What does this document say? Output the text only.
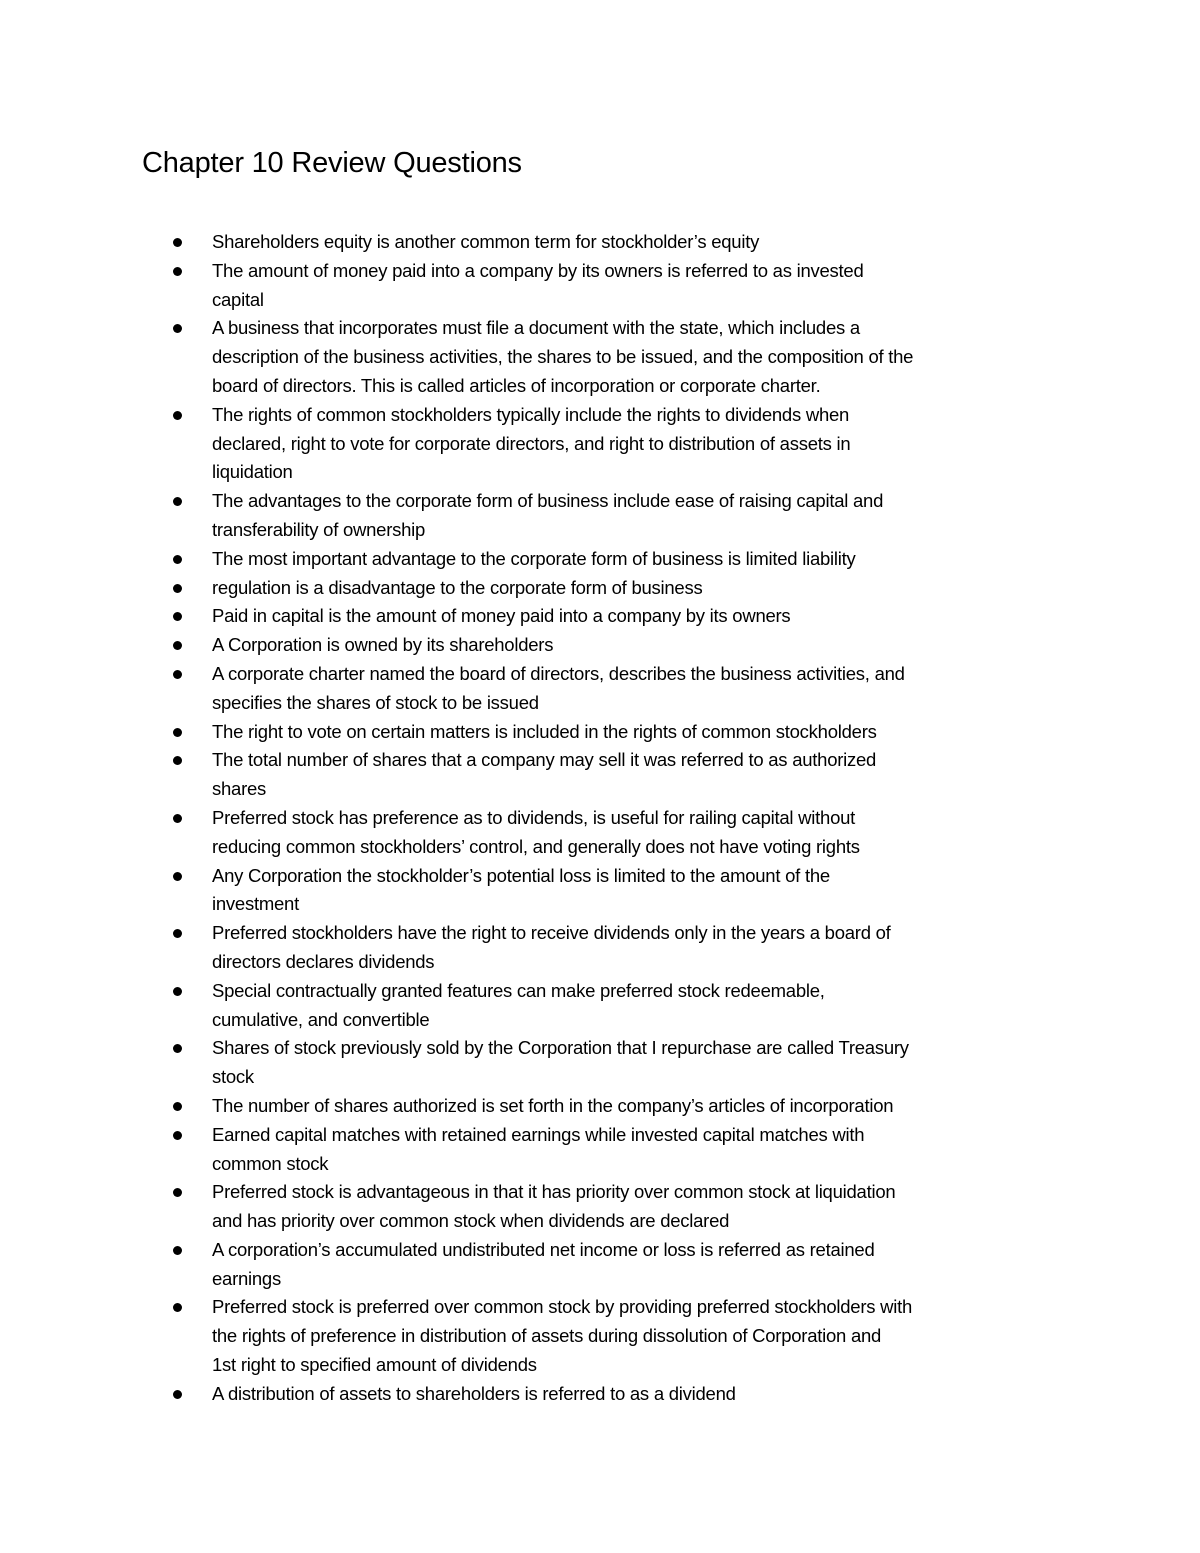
Chapter 10 Review Questions
Shareholders equity is another common term for stockholder’s equity
The amount of money paid into a company by its owners is referred to as invested
capital
A business that incorporates must file a document with the state, which includes a
description of the business activities, the shares to be issued, and the composition of the
board of directors. This is called articles of incorporation or corporate charter.
The rights of common stockholders typically include the rights to dividends when
declared, right to vote for corporate directors, and right to distribution of assets in
liquidation
The advantages to the corporate form of business include ease of raising capital and
transferability of ownership
The most important advantage to the corporate form of business is limited liability
regulation is a disadvantage to the corporate form of business
Paid in capital is the amount of money paid into a company by its owners
A Corporation is owned by its shareholders
A corporate charter named the board of directors, describes the business activities, and
specifies the shares of stock to be issued
The right to vote on certain matters is included in the rights of common stockholders
The total number of shares that a company may sell it was referred to as authorized
shares
Preferred stock has preference as to dividends, is useful for railing capital without
reducing common stockholders’ control, and generally does not have voting rights
Any Corporation the stockholder’s potential loss is limited to the amount of the
investment
Preferred stockholders have the right to receive dividends only in the years a board of
directors declares dividends
Special contractually granted features can make preferred stock redeemable,
cumulative, and convertible
Shares of stock previously sold by the Corporation that I repurchase are called Treasury
stock
The number of shares authorized is set forth in the company’s articles of incorporation
Earned capital matches with retained earnings while invested capital matches with
common stock
Preferred stock is advantageous in that it has priority over common stock at liquidation
and has priority over common stock when dividends are declared
A corporation’s accumulated undistributed net income or loss is referred as retained
earnings
Preferred stock is preferred over common stock by providing preferred stockholders with
the rights of preference in distribution of assets during dissolution of Corporation and
1st right to specified amount of dividends
A distribution of assets to shareholders is referred to as a dividend
